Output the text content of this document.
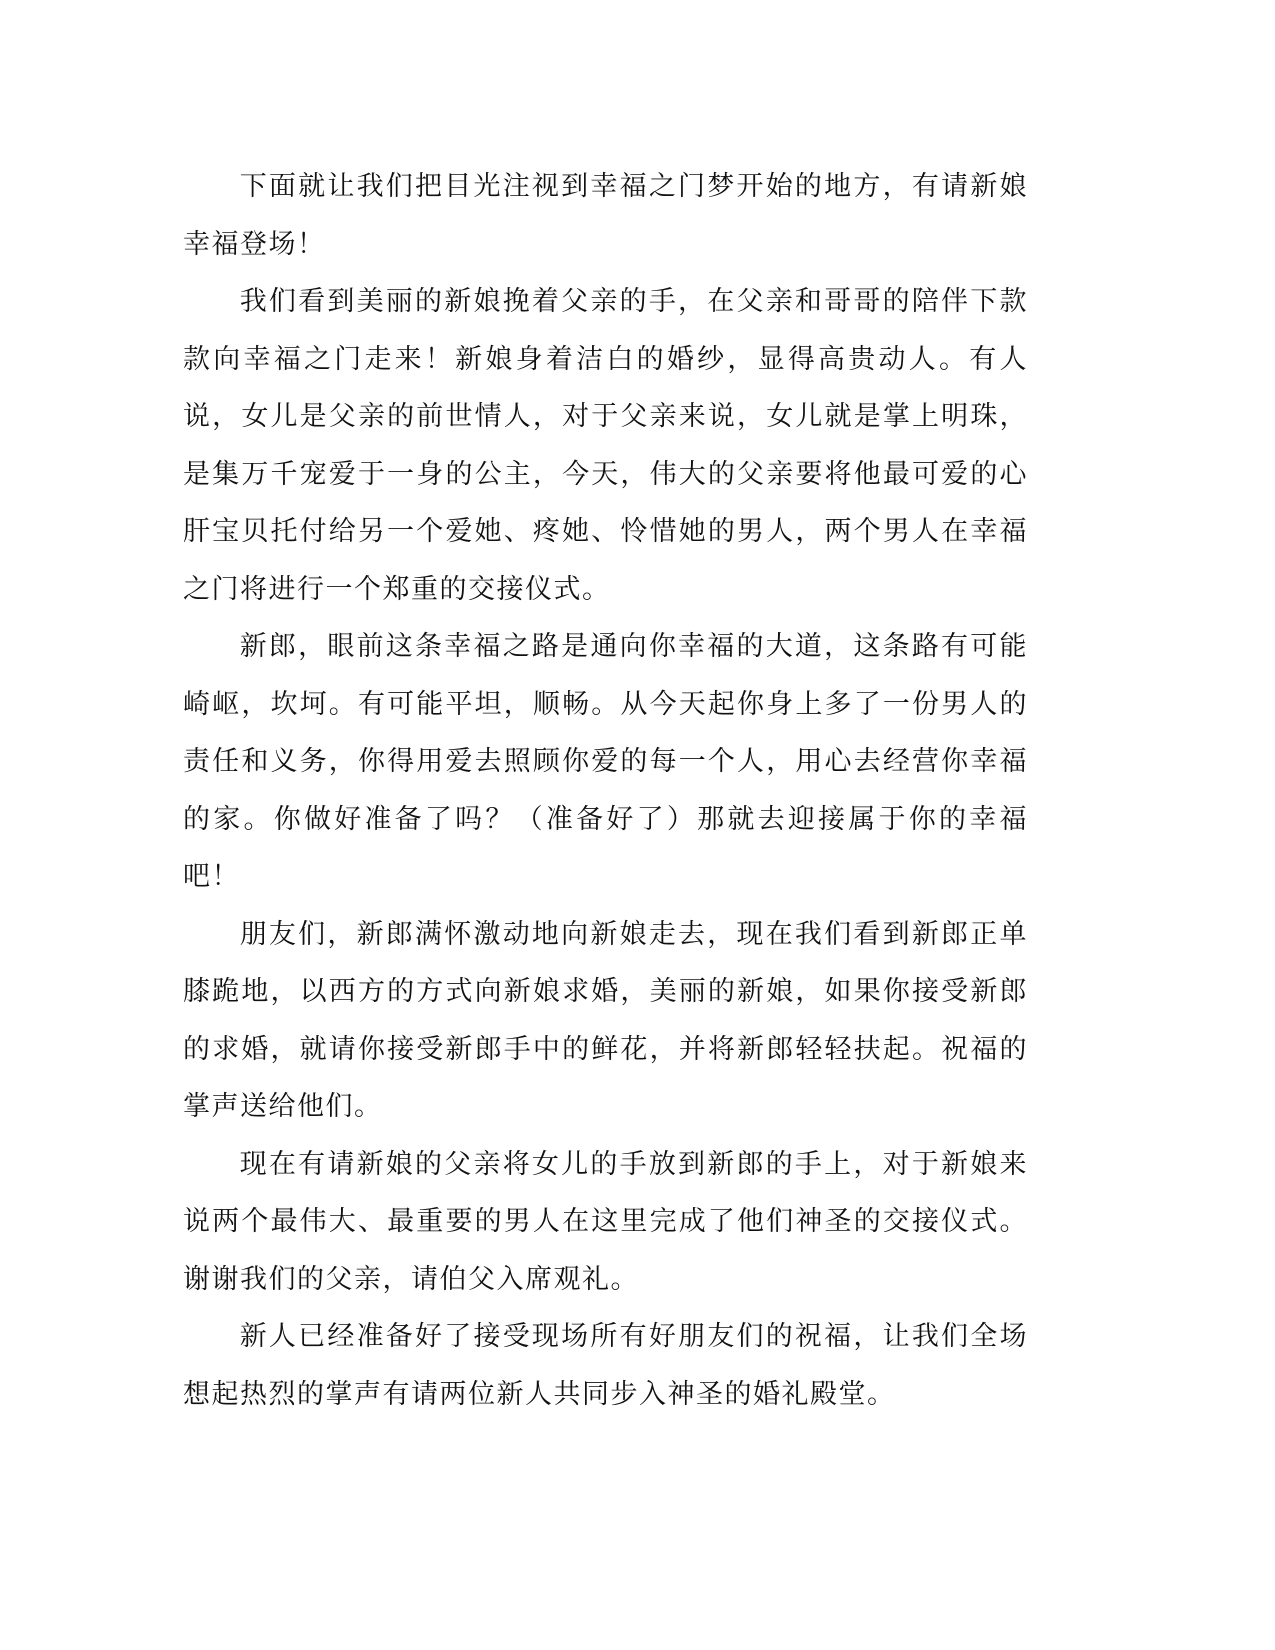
下面就让我们把目光注视到幸福之门梦开始的地方，有请新娘幸福登场！

我们看到美丽的新娘挽着父亲的手，在父亲和哥哥的陪伴下款款向幸福之门走来！新娘身着洁白的婚纱，显得高贵动人。有人说，女儿是父亲的前世情人，对于父亲来说，女儿就是掌上明珠，是集万千宠爱于一身的公主，今天，伟大的父亲要将他最可爱的心肝宝贝托付给另一个爱她、疼她、怜惜她的男人，两个男人在幸福之门将进行一个郑重的交接仪式。

新郎，眼前这条幸福之路是通向你幸福的大道，这条路有可能崎岖，坎坷。有可能平坦，顺畅。从今天起你身上多了一份男人的责任和义务，你得用爱去照顾你爱的每一个人，用心去经营你幸福的家。你做好准备了吗？（准备好了）那就去迎接属于你的幸福吧！

朋友们，新郎满怀激动地向新娘走去，现在我们看到新郎正单膝跪地，以西方的方式向新娘求婚，美丽的新娘，如果你接受新郎的求婚，就请你接受新郎手中的鲜花，并将新郎轻轻扶起。祝福的掌声送给他们。

现在有请新娘的父亲将女儿的手放到新郎的手上，对于新娘来说两个最伟大、最重要的男人在这里完成了他们神圣的交接仪式。谢谢我们的父亲，请伯父入席观礼。

新人已经准备好了接受现场所有好朋友们的祝福，让我们全场想起热烈的掌声有请两位新人共同步入神圣的婚礼殿堂。
